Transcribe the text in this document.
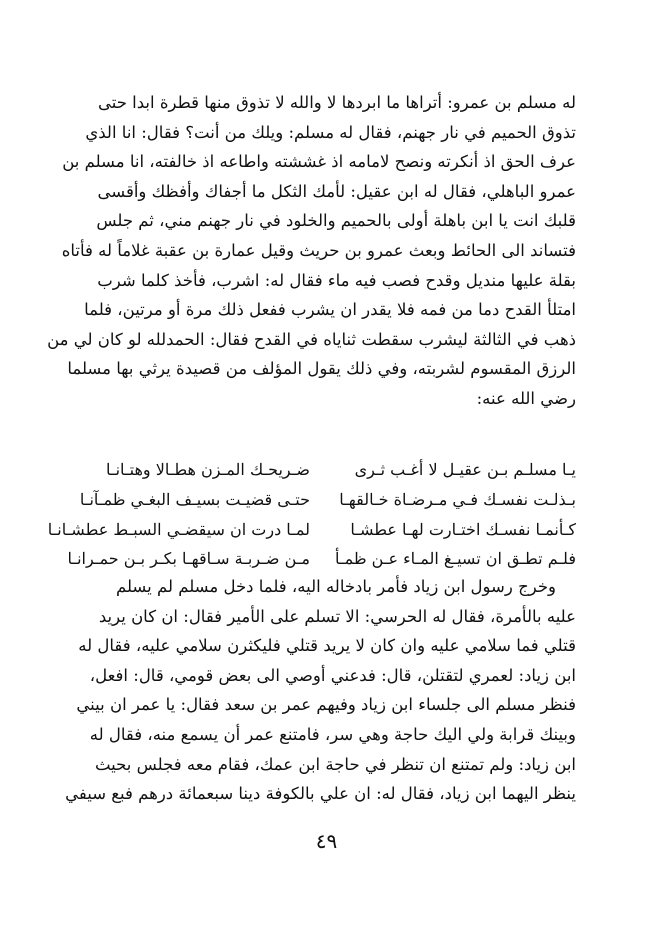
له مسلم بن عمرو: أتراها ما ابردها لا والله لا تذوق منها قطرة ابدا حتى
تذوق الحميم في نار جهنم، فقال له مسلم: ويلك من أنت؟ فقال: انا الذي
عرف الحق اذ أنكرته ونصح لامامه اذ غششته واطاعه اذ خالفته، انا مسلم بن
عمرو الباهلي، فقال له ابن عقيل: لأمك الثكل ما أجفاك وأفظك وأقسى
قلبك انت يا ابن باهلة أولى بالحميم والخلود في نار جهنم مني، ثم جلس
فتساند الى الحائط وبعث عمرو بن حريث وقيل عمارة بن عقبة غلاماً له فأتاه
بقلة عليها منديل وقدح فصب فيه ماء فقال له: اشرب، فأخذ كلما شرب
امتلأ القدح دما من فمه فلا يقدر ان يشرب ففعل ذلك مرة أو مرتين، فلما
ذهب في الثالثة ليشرب سقطت ثناياه في القدح فقال: الحمدلله لو كان لي من
الرزق المقسوم لشربته، وفي ذلك يقول المؤلف من قصيدة يرثي بها مسلما
رضي الله عنه:
يـا مسلـم بـن عقيـل لا أغـب ثـرى
ضـريحـك المـزن هطـالا وهتـانـا
بـذلـت نفسـك فـي مـرضـاة خـالقهـا
حتـى قضيـت بسيـف البغـي ظمـآنـا
كـأنمـا نفسـك اختـارت لهـا عطشـا
لمـا درت ان سيقضـي السبـط عطشـانـا
فلـم تطـق ان تسيـغ المـاء عـن ظمـأ
مـن ضـربـة سـاقهـا بكـر بـن حمـرانـا
وخرج رسول ابن زياد فأمر بادخاله اليه، فلما دخل مسلم لم يسلم
عليه بالأمرة، فقال له الحرسي: الا تسلم على الأمير فقال: ان كان يريد
قتلي فما سلامي عليه وان كان لا يريد قتلي فليكثرن سلامي عليه، فقال له
ابن زياد: لعمري لتقتلن، قال: فدعني أوصي الى بعض قومي، قال: افعل،
فنظر مسلم الى جلساء ابن زياد وفيهم عمر بن سعد فقال: يا عمر ان بيني
وبينك قرابة ولي اليك حاجة وهي سر، فامتنع عمر أن يسمع منه، فقال له
ابن زياد: ولم تمتنع ان تنظر في حاجة ابن عمك، فقام معه فجلس بحيث
ينظر اليهما ابن زياد، فقال له: ان علي بالكوفة دينا سبعمائة درهم فبع سيفي
٤٩
